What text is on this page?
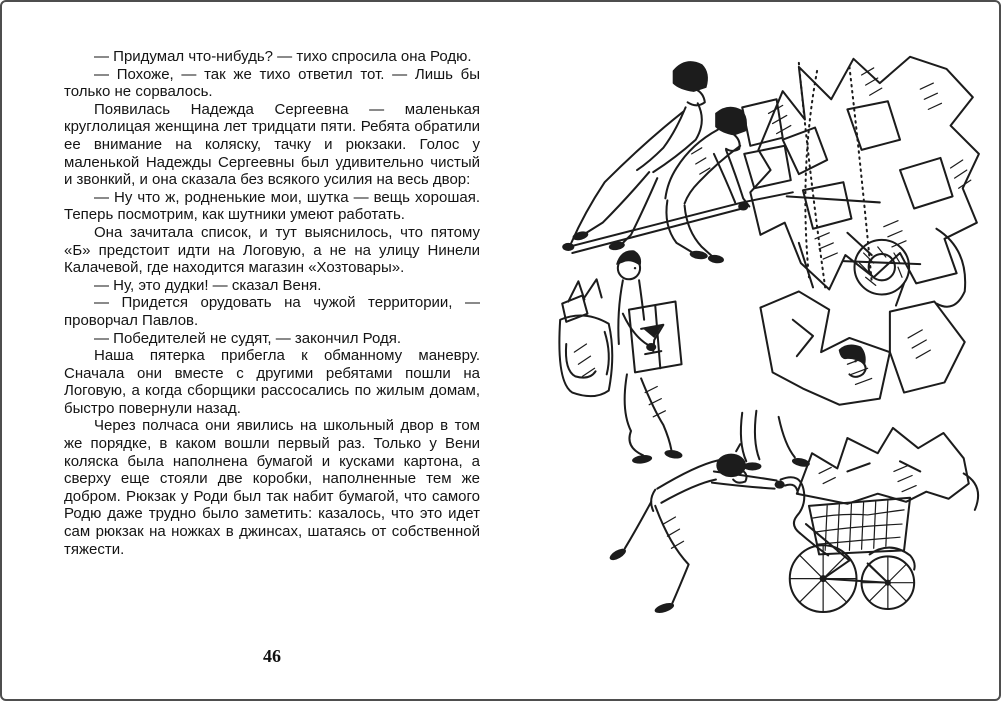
— Придумал что-нибудь? — тихо спросила она Родю.

— Похоже, — так же тихо ответил тот. — Лишь бы только не сорвалось.

Появилась Надежда Сергеевна — маленькая круглолицая женщина лет тридцати пяти. Ребята обратили ее внимание на коляску, тачку и рюкзаки. Голос у маленькой Надежды Сергеевны был удивительно чистый и звонкий, и она сказала без всякого усилия на весь двор:

— Ну что ж, родненькие мои, шутка — вещь хорошая. Теперь посмотрим, как шутники умеют работать.

Она зачитала список, и тут выяснилось, что пятому «Б» предстоит идти на Логовую, а не на улицу Нинели Калачевой, где находится магазин «Хозтовары».

— Ну, это дудки! — сказал Веня.

— Придется орудовать на чужой территории, — проворчал Павлов.

— Победителей не судят, — закончил Родя.

Наша пятерка прибегла к обманному маневру. Сначала они вместе с другими ребятами пошли на Логовую, а когда сборщики рассосались по жилым домам, быстро повернули назад.

Через полчаса они явились на школьный двор в том же порядке, в каком вошли первый раз. Только у Вени коляска была наполнена бумагой и кусками картона, а сверху еще стояли две коробки, наполненные тем же добром. Рюкзак у Роди был так набит бумагой, что самого Родю даже трудно было заметить: казалось, что это идет сам рюкзак на ножках в джинсах, шатаясь от собственной тяжести.

46
